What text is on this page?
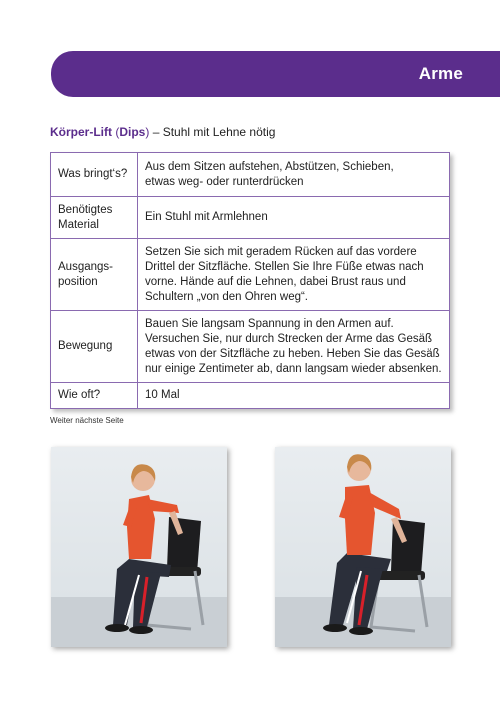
Arme
Körper-Lift (Dips) – Stuhl mit Lehne nötig
Was bringt‘s?	Aus dem Sitzen aufstehen, Abstützen, Schieben,
etwas weg- oder runterdrücken
Benötigtes
Material	Ein Stuhl mit Armlehnen
Ausgangs-
position	Setzen Sie sich mit geradem Rücken auf das vordere
Drittel der Sitzfläche. Stellen Sie Ihre Füße etwas nach
vorne. Hände auf die Lehnen, dabei Brust raus und
Schultern „von den Ohren weg“.
Bewegung	Bauen Sie langsam Spannung in den Armen auf.
Versuchen Sie, nur durch Strecken der Arme das Gesäß
etwas von der Sitzfläche zu heben. Heben Sie das Gesäß
nur einige Zentimeter ab, dann langsam wieder absenken.
Wie oft?	10 Mal
Weiter nächste Seite
